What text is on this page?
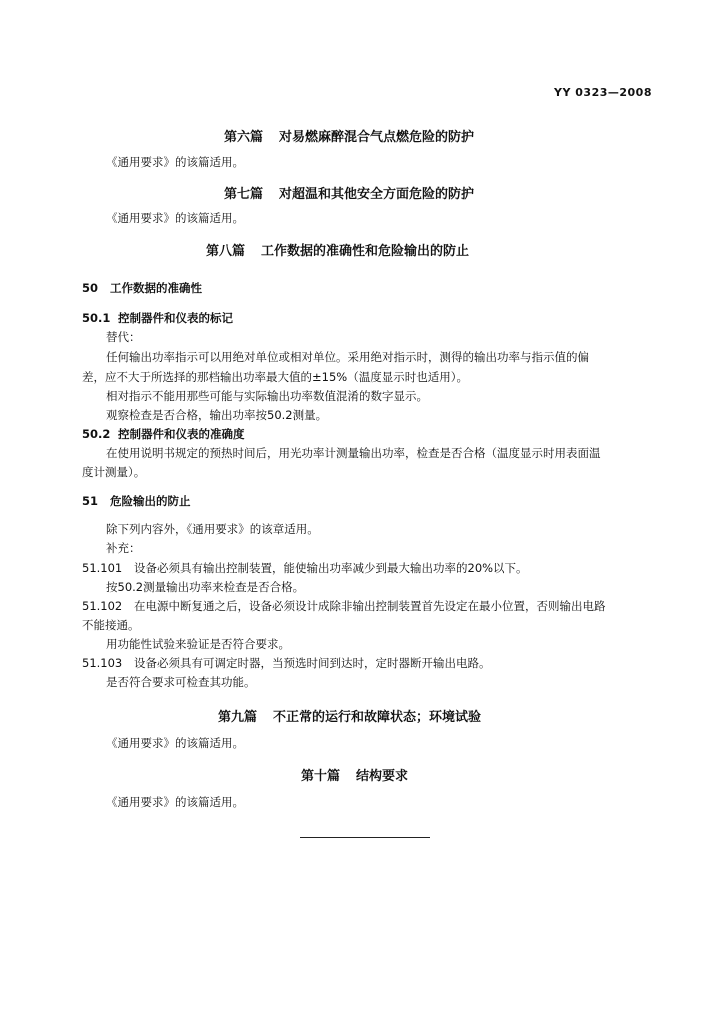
YY 0323—2008
第六篇 对易燃麻醉混合气点燃危险的防护
《通用要求》的该篇适用。
第七篇 对超温和其他安全方面危险的防护
《通用要求》的该篇适用。
第八篇 工作数据的准确性和危险输出的防止
50 工作数据的准确性
50.1 控制器件和仪表的标记
替代：
任何输出功率指示可以用绝对单位或相对单位。采用绝对指示时，测得的输出功率与指示值的偏
差，应不大于所选择的那档输出功率最大值的±15%（温度显示时也适用）。
相对指示不能用那些可能与实际输出功率数值混淆的数字显示。
观察检查是否合格，输出功率按50.2测量。
50.2 控制器件和仪表的准确度
在使用说明书规定的预热时间后，用光功率计测量输出功率，检查是否合格（温度显示时用表面温
度计测量）。
51 危险输出的防止
除下列内容外，《通用要求》的该章适用。
补充：
51.101 设备必须具有输出控制装置，能使输出功率减少到最大输出功率的20%以下。
按50.2测量输出功率来检查是否合格。
51.102 在电源中断复通之后，设备必须设计成除非输出控制装置首先设定在最小位置，否则输出电路
不能接通。
用功能性试验来验证是否符合要求。
51.103 设备必须具有可调定时器，当预选时间到达时，定时器断开输出电路。
是否符合要求可检查其功能。
第九篇 不正常的运行和故障状态；环境试验
《通用要求》的该篇适用。
第十篇 结构要求
《通用要求》的该篇适用。
